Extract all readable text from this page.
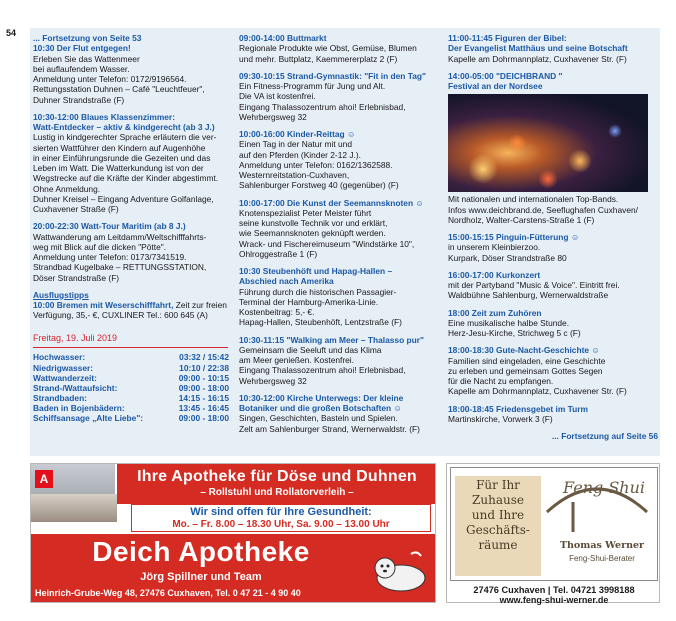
54 ... Fortsetzung von Seite 53
10:30 Der Flut entgegen!
Erleben Sie das Wattenmeer
bei auflaufendem Wasser.
Anmeldung unter Telefon: 0172/9196564.
Rettungsstation Duhnen – Café "Leuchtfeuer",
Duhner Strandstraße (F)
10:30-12:00 Blaues Klassenzimmer:
Watt-Entdecker – aktiv & kindgerecht (ab 3 J.)
Lustig in kindgerechter Sprache erläutern die ver-
sierten Wattführer den Kindern auf Augenhöhe
in einer Einführungsrunde die Gezeiten und das
Leben im Watt. Die Watterkundung ist von der
Wegstrecke auf die Kräfte der Kinder abgestimmt.
Ohne Anmeldung.
Duhner Kreisel – Eingang Adventure Golfanlage,
Cuxhavener Straße (F)
20:00-22:30 Watt-Tour Maritim (ab 8 J.)
Wattwanderung am Leitdamm/Weltschifffahrts-
weg mit Blick auf die dicken "Pötte".
Anmeldung unter Telefon: 0173/7341519.
Strandbad Kugelbake – RETTUNGSSTATION,
Döser Strandstraße (F)
Ausflugstipps
10:00 Bremen mit Weserschifffahrt, Zeit zur freien Verfügung, 35,- €, CUXLINER Tel.: 600 645 (A)
Freitag, 19. Juli 2019
Hochwasser:	03:32 / 15:42
Niedrigwasser:	10:10 / 22:38
Wattwanderzeit:	09:00 - 10:15
Strand-/Wattaufsicht:	09:00 - 18:00
Strandbaden:	14:15 - 16:15
Baden in Bojenbädern:	13:45 - 16:45
Schiffsansage „Alte Liebe":	09:00 - 18:00
09:00-14:00 Buttmarkt
Regionale Produkte wie Obst, Gemüse, Blumen
und mehr. Buttplatz, Kaemmererplatz 2 (F)
09:30-10:15 Strand-Gymnastik: "Fit in den Tag"
Ein Fitness-Programm für Jung und Alt.
Die VA ist kostenfrei.
Eingang Thalassozentrum ahoi! Erlebnisbad,
Wehrbergsweg 32
10:00-16:00 Kinder-Reittag ☺
Einen Tag in der Natur mit und
auf den Pferden (Kinder 2-12 J.).
Anmeldung unter Telefon: 0162/1362588.
Westernreitstation-Cuxhaven,
Sahlenburger Forstweg 40 (gegenüber) (F)
10:00-17:00 Die Kunst der Seemannsknoten ☺
Knotenspezialist Peter Meister führt
seine kunstvolle Technik vor und erklärt,
wie Seemannsknoten geknüpft werden.
Wrack- und Fischereimuseum "Windstärke 10",
Ohlroggestraße 1 (F)
10:30 Steubenhöft und Hapag-Hallen –
Abschied nach Amerika
Führung durch die historischen Passagier-
Terminal der Hamburg-Amerika-Linie.
Kostenbeitrag: 5,- €.
Hapag-Hallen, Steubenhöft, Lentzstraße (F)
10:30-11:15 "Walking am Meer – Thalasso pur"
Gemeinsam die Seeluft und das Klima
am Meer genießen. Kostenfrei.
Eingang Thalassozentrum ahoi! Erlebnisbad,
Wehrbergsweg 32
10:30-12:00 Kirche Unterwegs: Der kleine
Botaniker und die großen Botschaften ☺
Singen, Geschichten, Basteln und Spielen.
Zelt am Sahlenburger Strand, Wernerwaldstr. (F)
11:00-11:45 Figuren der Bibel:
Der Evangelist Matthäus und seine Botschaft
Kapelle am Dohrmannplatz, Cuxhavener Str. (F)
14:00-05:00 "DEICHBRAND "
Festival an der Nordsee
Mit nationalen und internationalen Top-Bands.
Infos www.deichbrand.de, Seeflughafen Cuxhaven/
Nordholz, Walter-Carstens-Straße 1 (F)
15:00-15:15 Pinguin-Fütterung ☺
in unserem Kleinbierzoo.
Kurpark, Döser Strandstraße 80
16:00-17:00 Kurkonzert
mit der Partyband "Music & Voice". Eintritt frei.
Waldbühne Sahlenburg, Wernerwaldstraße
18:00 Zeit zum Zuhören
Eine musikalische halbe Stunde.
Herz-Jesu-Kirche, Strichweg 5 c (F)
18:00-18:30 Gute-Nacht-Geschichte ☺
Familien sind eingeladen, eine Geschichte
zu erleben und gemeinsam Gottes Segen
für die Nacht zu empfangen.
Kapelle am Dohrmannplatz, Cuxhavener Str. (F)
18:00-18:45 Friedensgebet im Turm
Martinskirche, Vorwerk 3 (F)
... Fortsetzung auf Seite 56
A	Ihre Apotheke für Döse und Duhnen
– Rollstuhl und Rollatorverleih –
Wir sind offen für Ihre Gesundheit:
Mo. – Fr. 8.00 – 18.30 Uhr, Sa. 9.00 – 13.00 Uhr
Deich Apotheke
Jörg Spillner und Team
Heinrich-Grube-Weg 48, 27476 Cuxhaven, Tel. 0 47 21 - 4 90 40
Für Ihr
Zuhause
und Ihre
Geschäfts-
räume
Feng Shui
Thomas Werner
Feng-Shui-Berater
27476 Cuxhaven | Tel. 04721 3998188
www.feng-shui-werner.de
